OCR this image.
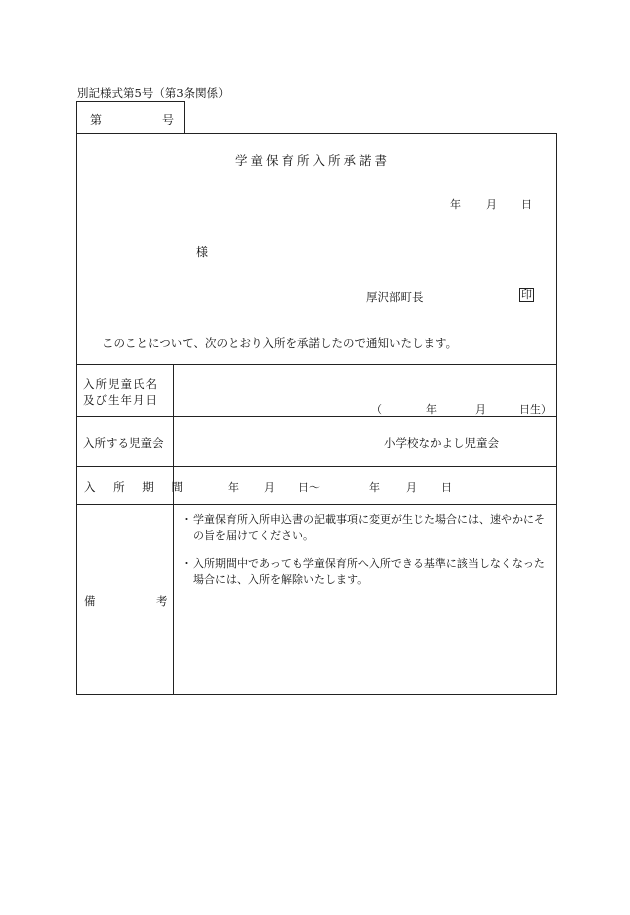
別記様式第5号（第3条関係）
第	号
学童保育所入所承諾書
年 月 日
様
厚沢部町長	印
このことについて、次のとおり入所を承諾したので通知いたします。
入所児童氏名
及び生年月日
（	年	月	日生）
入所する児童会	小学校なかよし児童会
入 所 期 間	年 月 日〜	年 月 日
備	考
・ 学童保育所入所申込書の記載事項に変更が生じた場合には、速やかにその旨を届けてください。
・ 入所期間中であっても学童保育所へ入所できる基準に該当しなくなった場合には、入所を解除いたします。
